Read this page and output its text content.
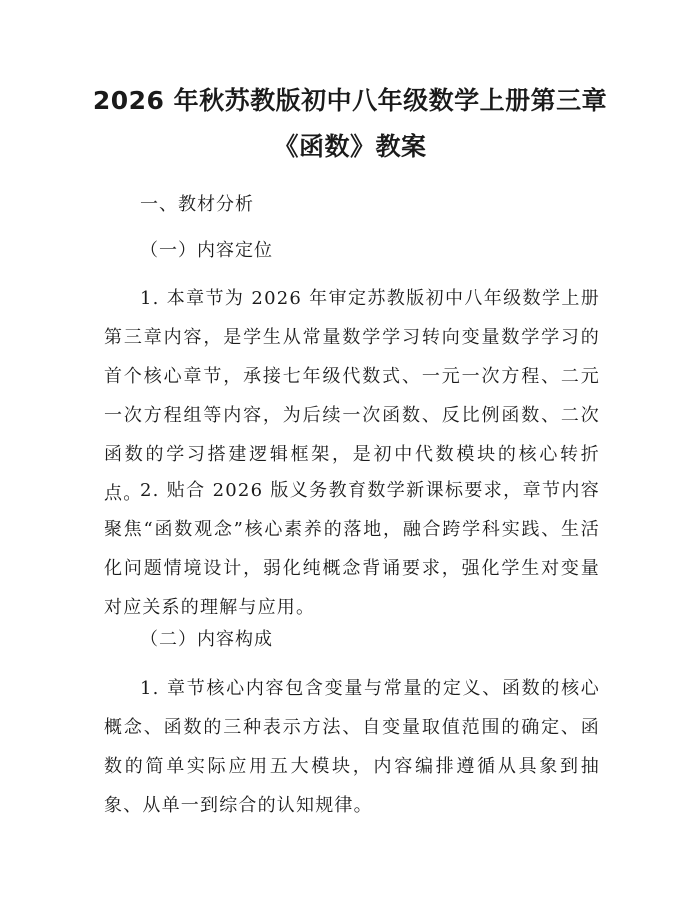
2026 年秋苏教版初中八年级数学上册第三章
《函数》教案
一、教材分析
（一）内容定位

1. 本章节为 2026 年审定苏教版初中八年级数学上册第三章内容，是学生从常量数学学习转向变量数学学习的首个核心章节，承接七年级代数式、一元一次方程、二元一次方程组等内容，为后续一次函数、反比例函数、二次函数的学习搭建逻辑框架，是初中代数模块的核心转折点。

2. 贴合 2026 版义务教育数学新课标要求，章节内容聚焦“函数观念”核心素养的落地，融合跨学科实践、生活化问题情境设计，弱化纯概念背诵要求，强化学生对变量对应关系的理解与应用。

（二）内容构成

1. 章节核心内容包含变量与常量的定义、函数的核心概念、函数的三种表示方法、自变量取值范围的确定、函数的简单实际应用五大模块，内容编排遵循从具象到抽象、从单一到综合的认知规律。
